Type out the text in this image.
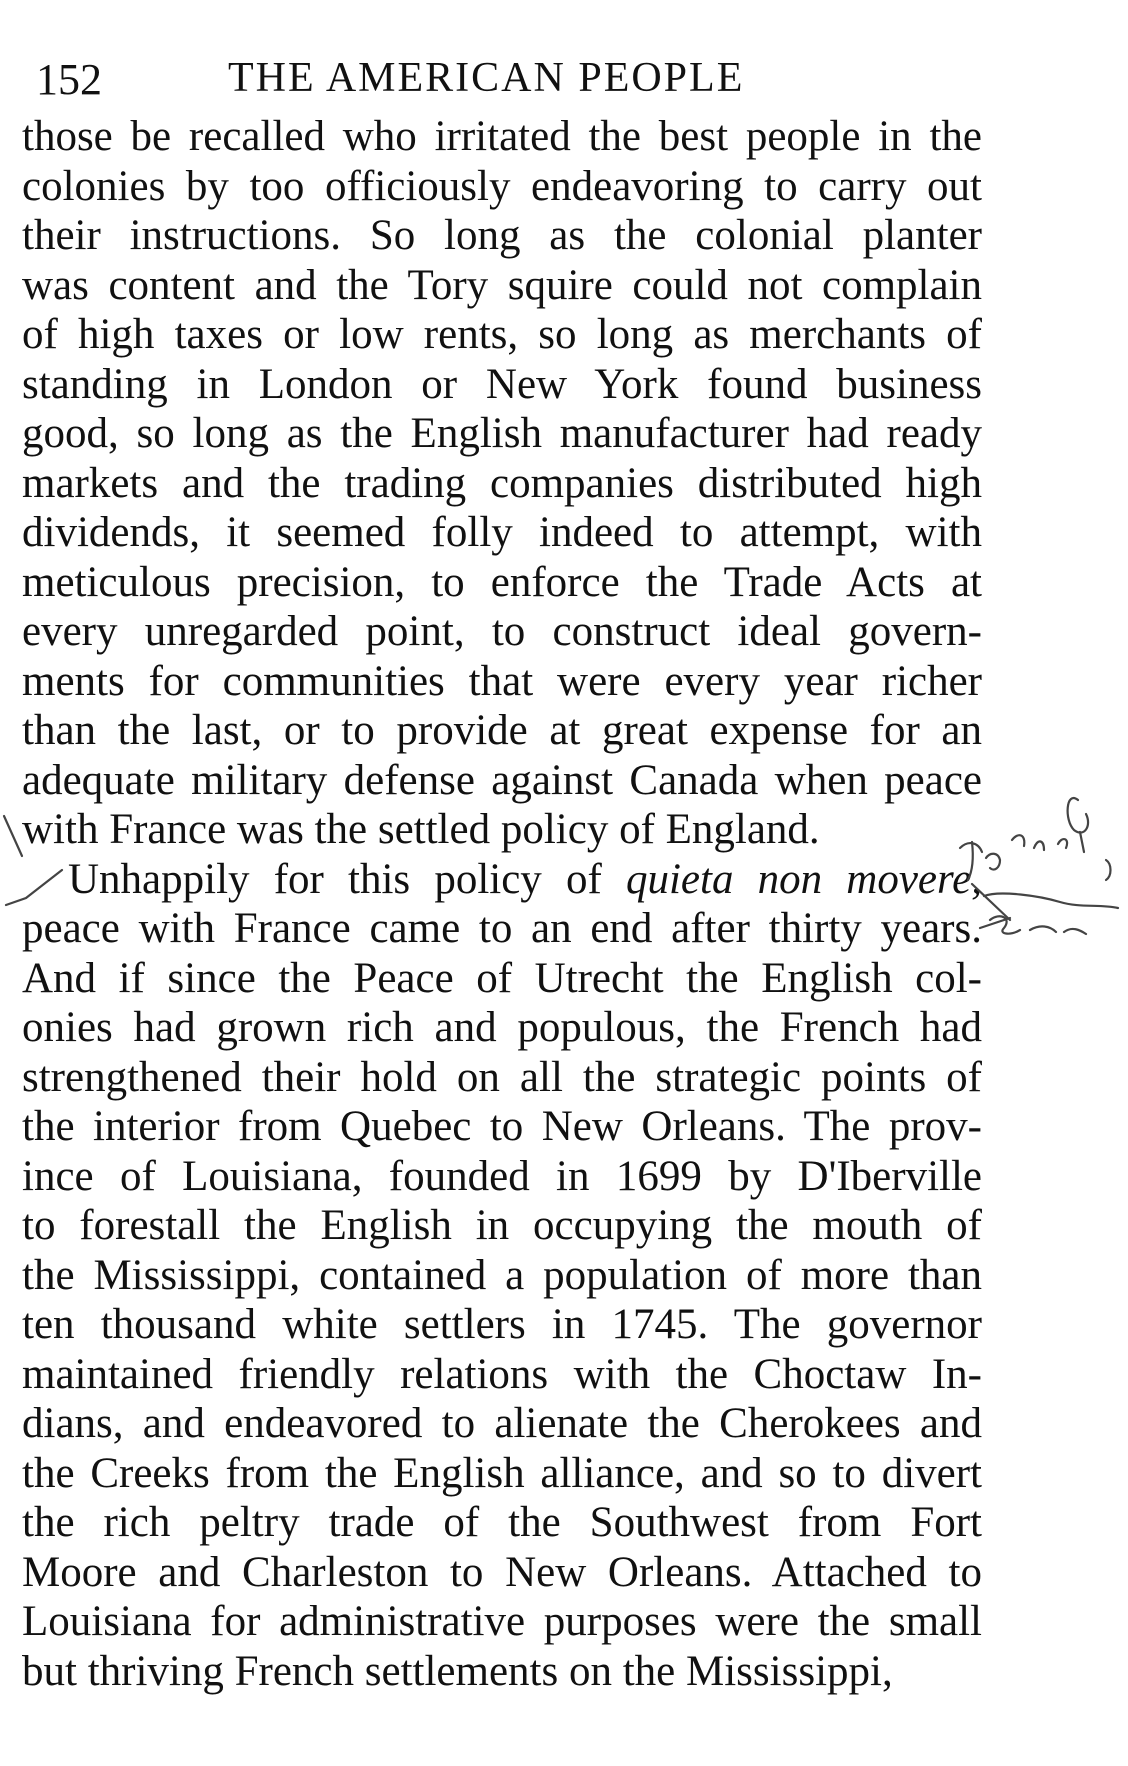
152	THE AMERICAN PEOPLE
those be recalled who irritated the best people in the
colonies by too officiously endeavoring to carry out
their instructions. So long as the colonial planter
was content and the Tory squire could not complain
of high taxes or low rents, so long as merchants of
standing in London or New York found business
good, so long as the English manufacturer had ready
markets and the trading companies distributed high
dividends, it seemed folly indeed to attempt, with
meticulous precision, to enforce the Trade Acts at
every unregarded point, to construct ideal govern-
ments for communities that were every year richer
than the last, or to provide at great expense for an
adequate military defense against Canada when peace
with France was the settled policy of England.
Unhappily for this policy of quieta non movere,
peace with France came to an end after thirty years.
And if since the Peace of Utrecht the English col-
onies had grown rich and populous, the French had
strengthened their hold on all the strategic points of
the interior from Quebec to New Orleans. The prov-
ince of Louisiana, founded in 1699 by D'Iberville
to forestall the English in occupying the mouth of
the Mississippi, contained a population of more than
ten thousand white settlers in 1745. The governor
maintained friendly relations with the Choctaw In-
dians, and endeavored to alienate the Cherokees and
the Creeks from the English alliance, and so to divert
the rich peltry trade of the Southwest from Fort
Moore and Charleston to New Orleans. Attached to
Louisiana for administrative purposes were the small
but thriving French settlements on the Mississippi,
